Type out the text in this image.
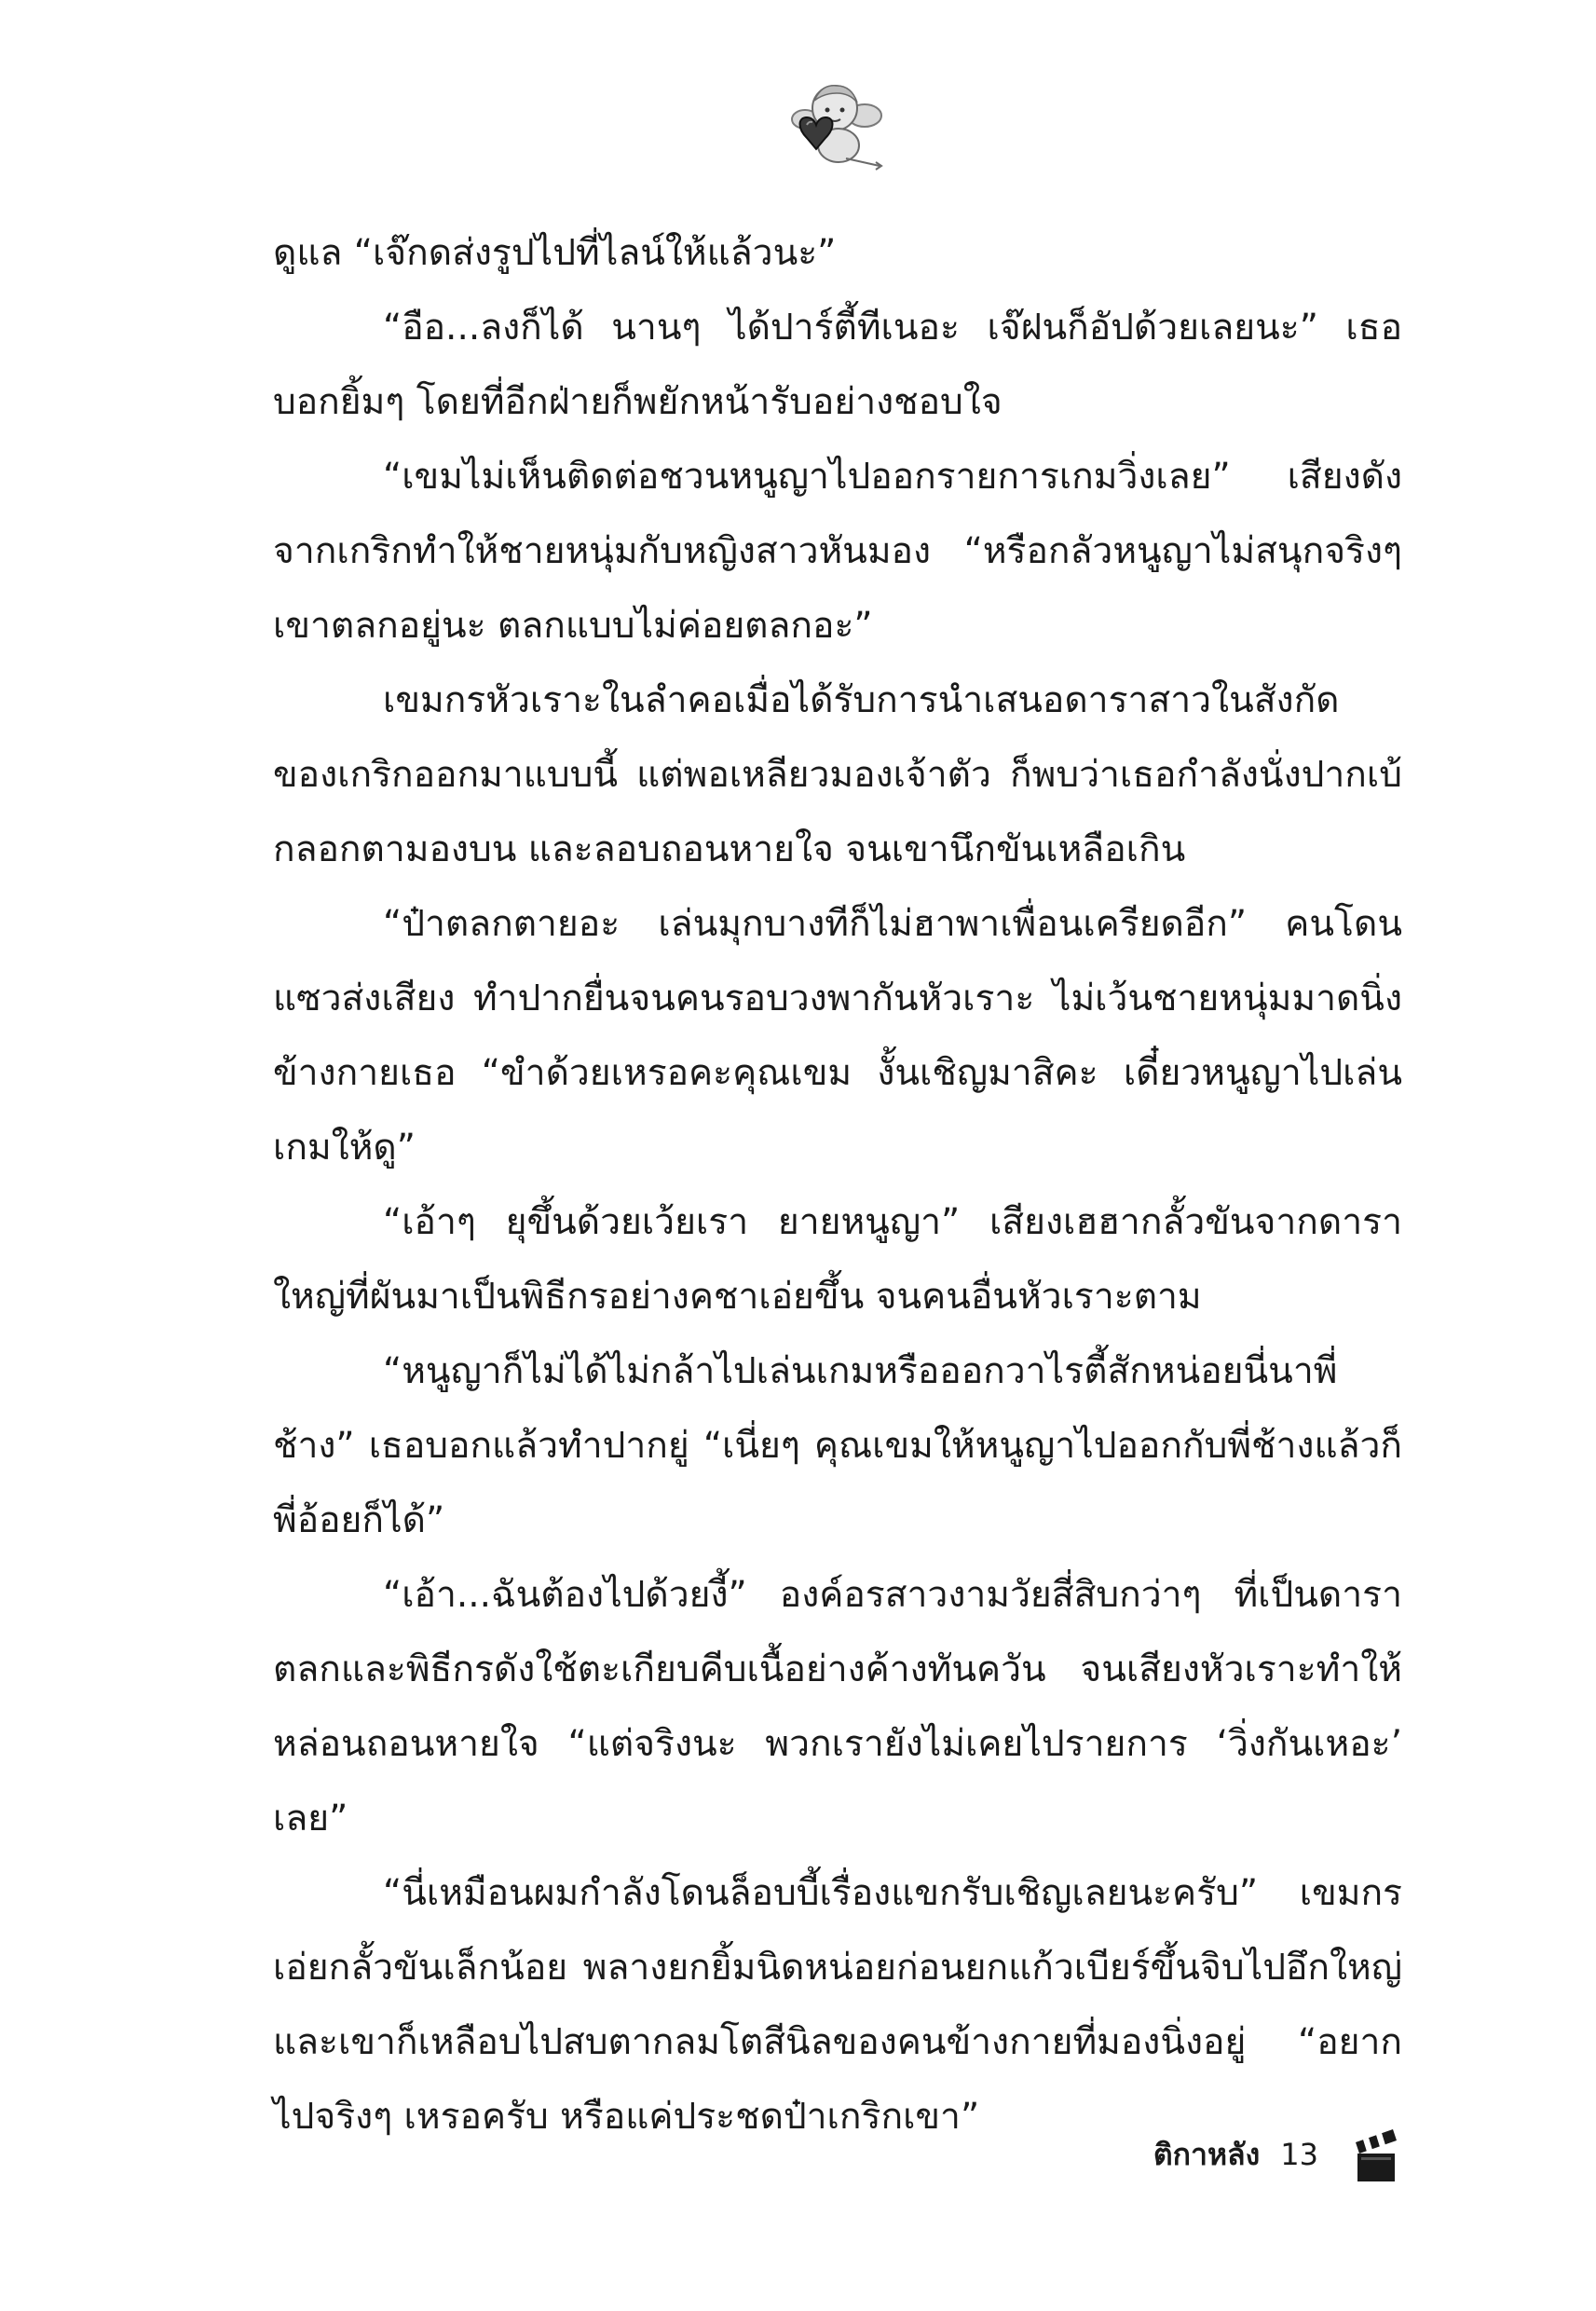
ดูแล “เจ๊กดส่งรูปไปที่ไลน์ให้แล้วนะ”

“อือ...ลงก็ได้ นานๆ ได้ปาร์ตี้ทีเนอะ เจ๊ฝนก็อัปด้วยเลยนะ” เธอบอกยิ้มๆ โดยที่อีกฝ่ายก็พยักหน้ารับอย่างชอบใจ

“เขมไม่เห็นติดต่อชวนหนูญาไปออกรายการเกมวิ่งเลย” เสียงดังจากเกริกทำให้ชายหนุ่มกับหญิงสาวหันมอง “หรือกลัวหนูญาไม่สนุกจริงๆ เขาตลกอยู่นะ ตลกแบบไม่ค่อยตลกอะ”

เขมกรหัวเราะในลำคอเมื่อได้รับการนำเสนอดาราสาวในสังกัดของเกริกออกมาแบบนี้ แต่พอเหลียวมองเจ้าตัว ก็พบว่าเธอกำลังนั่งปากเบ้กลอกตามองบน และลอบถอนหายใจ จนเขานึกขันเหลือเกิน

“ป๋าตลกตายอะ เล่นมุกบางทีก็ไม่ฮาพาเพื่อนเครียดอีก” คนโดนแซวส่งเสียง ทำปากยื่นจนคนรอบวงพากันหัวเราะ ไม่เว้นชายหนุ่มมาดนิ่งข้างกายเธอ “ขำด้วยเหรอคะคุณเขม งั้นเชิญมาสิคะ เดี๋ยวหนูญาไปเล่นเกมให้ดู”

“เอ้าๆ ยุขึ้นด้วยเว้ยเรา ยายหนูญา” เสียงเฮฮากลั้วขันจากดาราใหญ่ที่ผันมาเป็นพิธีกรอย่างคชาเอ่ยขึ้น จนคนอื่นหัวเราะตาม

“หนูญาก็ไม่ได้ไม่กล้าไปเล่นเกมหรือออกวาไรตี้สักหน่อยนี่นาพี่ช้าง” เธอบอกแล้วทำปากยู่ “เนี่ยๆ คุณเขมให้หนูญาไปออกกับพี่ช้างแล้วก็พี่อ้อยก็ได้”

“เอ้า...ฉันต้องไปด้วยงี้” องค์อรสาวงามวัยสี่สิบกว่าๆ ที่เป็นดาราตลกและพิธีกรดังใช้ตะเกียบคีบเนื้อย่างค้างทันควัน จนเสียงหัวเราะทำให้หล่อนถอนหายใจ “แต่จริงนะ พวกเรายังไม่เคยไปรายการ ‘วิ่งกันเหอะ’ เลย”

“นี่เหมือนผมกำลังโดนล็อบบี้เรื่องแขกรับเชิญเลยนะครับ” เขมกรเอ่ยกลั้วขันเล็กน้อย พลางยกยิ้มนิดหน่อยก่อนยกแก้วเบียร์ขึ้นจิบไปอึกใหญ่ และเขาก็เหลือบไปสบตากลมโตสีนิลของคนข้างกายที่มองนิ่งอยู่ “อยากไปจริงๆ เหรอครับ หรือแค่ประชดป๋าเกริกเขา”

ติกาหลัง 13
